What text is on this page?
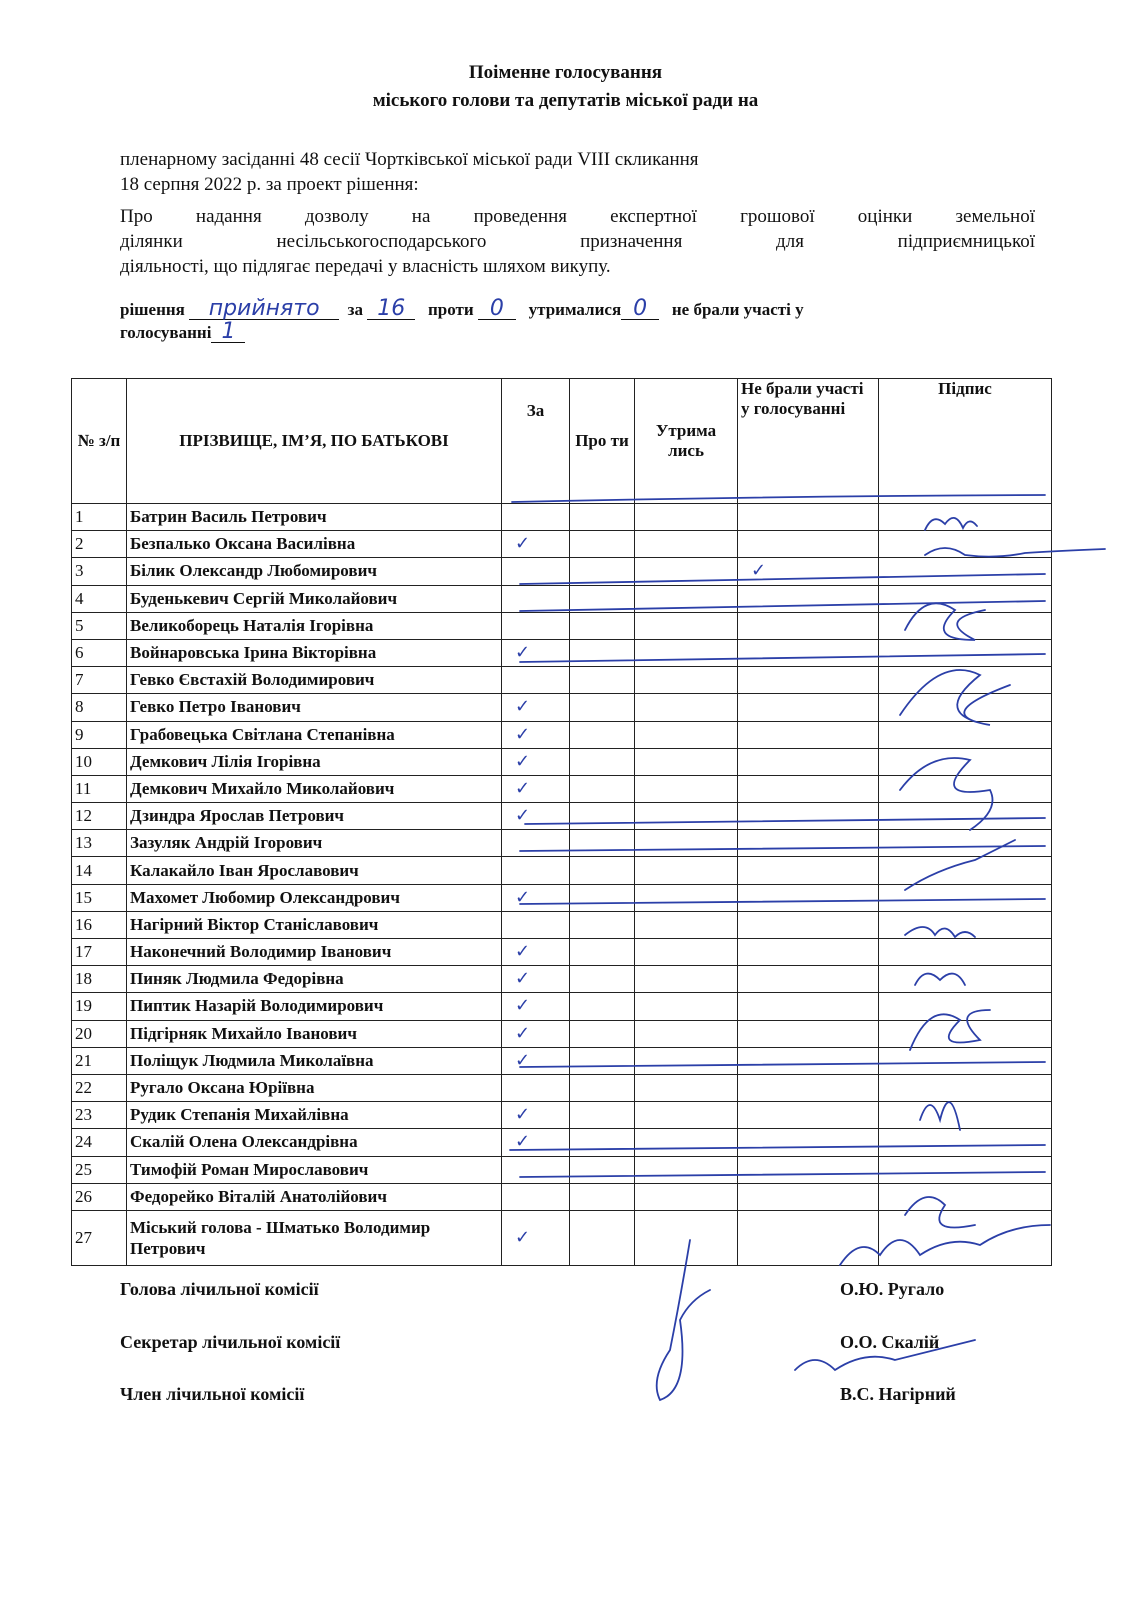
Поіменне голосування
міського голови та депутатів міської ради на
пленарному засіданні 48 сесії Чортківської міської ради VIII скликання
18 серпня 2022 р. за проект рішення:
Про надання дозволу на проведення експертної грошової оцінки земельної
ділянки несільськогосподарського призначення для підприємницької
діяльності, що підлягає передачі у власність шляхом викупу.
рішення прийнято за 16 проти 0 утрималися 0 не брали участі у
голосуванні 1
№ з/п	ПРІЗВИЩЕ, ІМ’Я, ПО БАТЬКОВІ	За	Про ти	Утрима лись	Не брали участі у голосуванні	Підпис
1	Батрин Василь Петрович					
2	Безпалько Оксана Василівна	✓				
3	Білик Олександр Любомирович				✓	
4	Буденькевич Сергій Миколайович					
5	Великоборець Наталія Ігорівна					
6	Войнаровська Ірина Вікторівна	✓				
7	Гевко Євстахій Володимирович					
8	Гевко Петро Іванович	✓				
9	Грабовецька Світлана Степанівна	✓				
10	Демкович Лілія Ігорівна	✓				
11	Демкович Михайло Миколайович	✓				
12	Дзиндра Ярослав Петрович	✓				
13	Зазуляк Андрій Ігорович					
14	Калакайло Іван Ярославович					
15	Махомет Любомир Олександрович	✓				
16	Нагірний Віктор Станіславович					
17	Наконечний Володимир Іванович	✓				
18	Пиняк Людмила Федорівна	✓				
19	Пиптик Назарій Володимирович	✓				
20	Підгірняк Михайло Іванович	✓				
21	Поліщук Людмила Миколаївна	✓				
22	Ругало Оксана Юріївна					
23	Рудик Степанія Михайлівна	✓				
24	Скалій Олена Олександрівна	✓				
25	Тимофій Роман Мирославович					
26	Федорейко Віталій Анатолійович					
27	Міський голова - Шматько Володимир Петрович	✓				
Голова лічильної комісії	О.Ю. Ругало
Секретар лічильної комісії	О.О. Скалій
Член лічильної комісії	В.С. Нагірний
